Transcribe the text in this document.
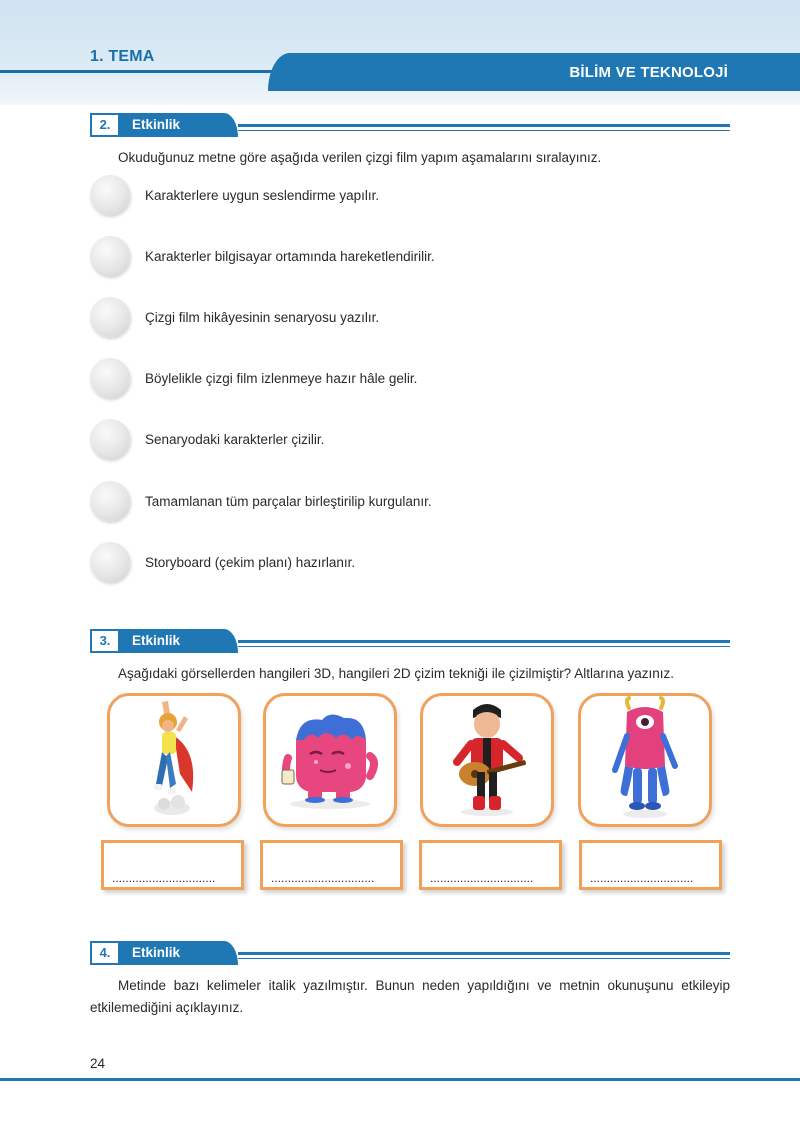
1. TEMA
BİLİM VE TEKNOLOJİ
2.	Etkinlik
Okuduğunuz metne göre aşağıda verilen çizgi film yapım aşamalarını sıralayınız.
Karakterlere uygun seslendirme yapılır.
Karakterler bilgisayar ortamında hareketlendirilir.
Çizgi film hikâyesinin senaryosu yazılır.
Böylelikle çizgi film izlenmeye hazır hâle gelir.
Senaryodaki karakterler çizilir.
Tamamlanan tüm parçalar birleştirilip kurgulanır.
Storyboard (çekim planı) hazırlanır.
3.	Etkinlik
Aşağıdaki görsellerden hangileri 3D, hangileri 2D çizim tekniği ile çizilmiştir? Altlarına yazınız.
...............................	...............................	...............................	...............................
4.	Etkinlik
Metinde bazı kelimeler italik yazılmıştır. Bunun neden yapıldığını ve metnin okunuşunu etkileyip etkilemediğini açıklayınız.
24
